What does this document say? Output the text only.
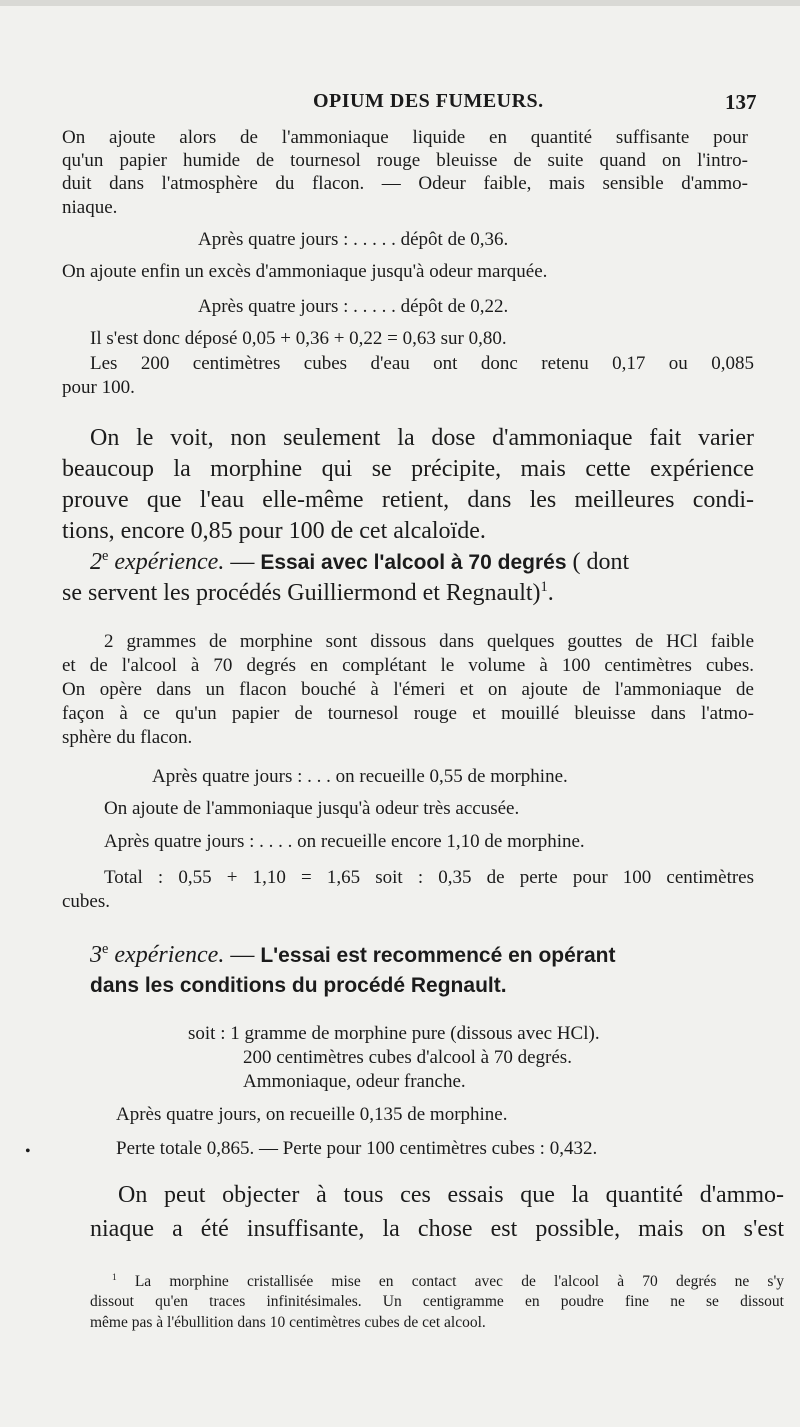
OPIUM DES FUMEURS.	137
On ajoute alors de l'ammoniaque liquide en quantité suffisante pour
qu'un papier humide de tournesol rouge bleuisse de suite quand on l'intro-
duit dans l'atmosphère du flacon. — Odeur faible, mais sensible d'ammo-
niaque.
Après quatre jours : . . . . . dépôt de 0,36.
On ajoute enfin un excès d'ammoniaque jusqu'à odeur marquée.
Après quatre jours : . . . . . dépôt de 0,22.
Il s'est donc déposé 0,05 + 0,36 + 0,22 = 0,63 sur 0,80.
Les 200 centimètres cubes d'eau ont donc retenu 0,17 ou 0,085
pour 100.
On le voit, non seulement la dose d'ammoniaque fait varier
beaucoup la morphine qui se précipite, mais cette expérience
prouve que l'eau elle-même retient, dans les meilleures condi-
tions, encore 0,85 pour 100 de cet alcaloïde.
2e expérience. — Essai avec l'alcool à 70 degrés ( dont
se servent les procédés Guilliermond et Regnault)$^1$.
2 grammes de morphine sont dissous dans quelques gouttes de HCl faible
et de l'alcool à 70 degrés en complétant le volume à 100 centimètres cubes.
On opère dans un flacon bouché à l'émeri et on ajoute de l'ammoniaque de
façon à ce qu'un papier de tournesol rouge et mouillé bleuisse dans l'atmo-
sphère du flacon.
Après quatre jours : . . . on recueille 0,55 de morphine.
On ajoute de l'ammoniaque jusqu'à odeur très accusée.
Après quatre jours : . . . . on recueille encore 1,10 de morphine.
Total : 0,55 + 1,10 = 1,65 soit : 0,35 de perte pour 100 centimètres
cubes.
3e expérience. — L'essai est recommencé en opérant
dans les conditions du procédé Regnault.
soit : 1 gramme de morphine pure (dissous avec HCl).
200 centimètres cubes d'alcool à 70 degrés.
Ammoniaque, odeur franche.
Après quatre jours, on recueille 0,135 de morphine.
Perte totale 0,865. — Perte pour 100 centimètres cubes : 0,432.
•
On peut objecter à tous ces essais que la quantité d'ammo-
niaque a été insuffisante, la chose est possible, mais on s'est
$^1$ La morphine cristallisée mise en contact avec de l'alcool à 70 degrés ne s'y
dissout qu'en traces infinitésimales. Un centigramme en poudre fine ne se dissout
même pas à l'ébullition dans 10 centimètres cubes de cet alcool.
